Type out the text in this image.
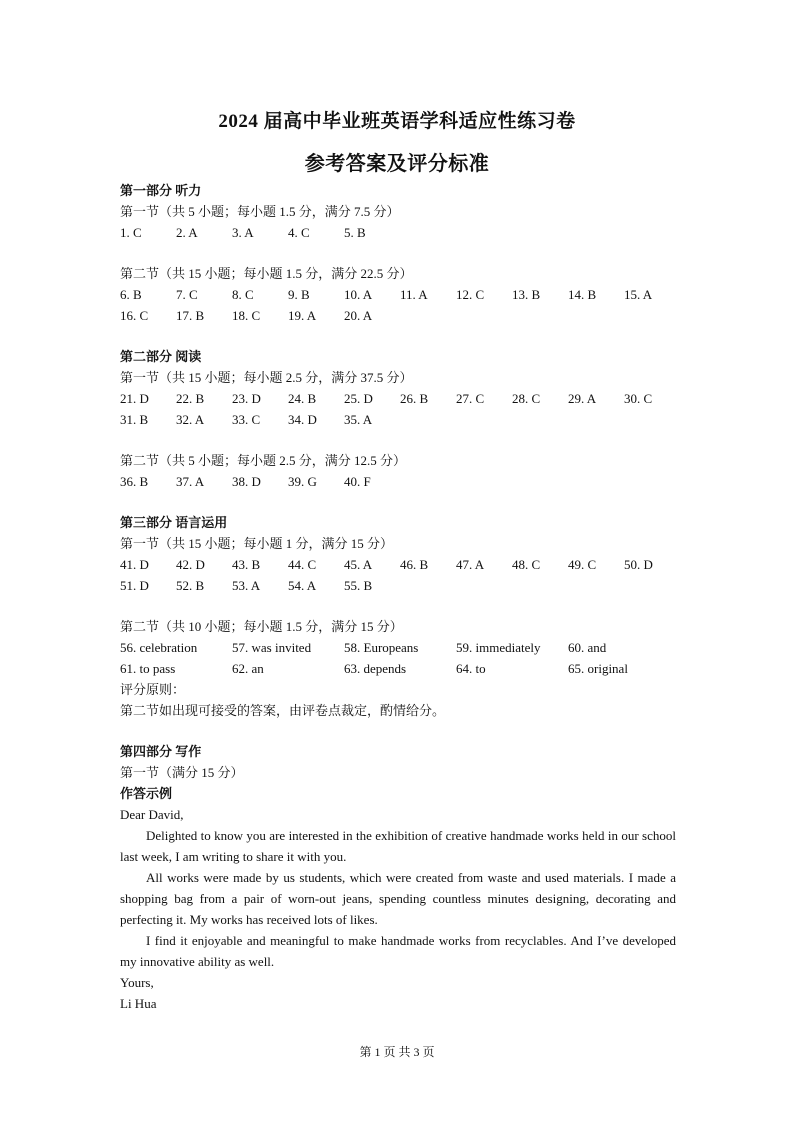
2024 届高中毕业班英语学科适应性练习卷
参考答案及评分标准
第一部分 听力
第一节（共 5 小题；每小题 1.5 分，满分 7.5 分）
1. C	2. A	3. A	4. C	5. B
第二节（共 15 小题；每小题 1.5 分，满分 22.5 分）
6. B	7. C	8. C	9. B	10. A 11. A 12. C 13. B 14. B 15. A
16. C 17. B 18. C 19. A 20. A
第二部分 阅读
第一节（共 15 小题；每小题 2.5 分，满分 37.5 分）
21. D 22. B 23. D 24. B 25. D 26. B 27. C 28. C 29. A 30. C
31. B 32. A 33. C 34. D 35. A
第二节（共 5 小题；每小题 2.5 分，满分 12.5 分）
36. B 37. A 38. D 39. G 40. F
第三部分 语言运用
第一节（共 15 小题；每小题 1 分，满分 15 分）
41. D 42. D 43. B 44. C 45. A 46. B 47. A 48. C 49. C 50. D
51. D 52. B 53. A 54. A 55. B
第二节（共 10 小题；每小题 1.5 分，满分 15 分）
56. celebration	57. was invited	58. Europeans	59. immediately 60. and
61. to pass	62. an	63. depends	64. to	65. original
评分原则：
第二节如出现可接受的答案，由评卷点裁定，酌情给分。
第四部分 写作
第一节（满分 15 分）
作答示例
Dear David,
Delighted to know you are interested in the exhibition of creative handmade works held in our school last week, I am writing to share it with you.
All works were made by us students, which were created from waste and used materials. I made a shopping bag from a pair of worn-out jeans, spending countless minutes designing, decorating and perfecting it. My works has received lots of likes.
I find it enjoyable and meaningful to make handmade works from recyclables. And I’ve developed my innovative ability as well.
Yours,
Li Hua
第 1 页 共 3 页
